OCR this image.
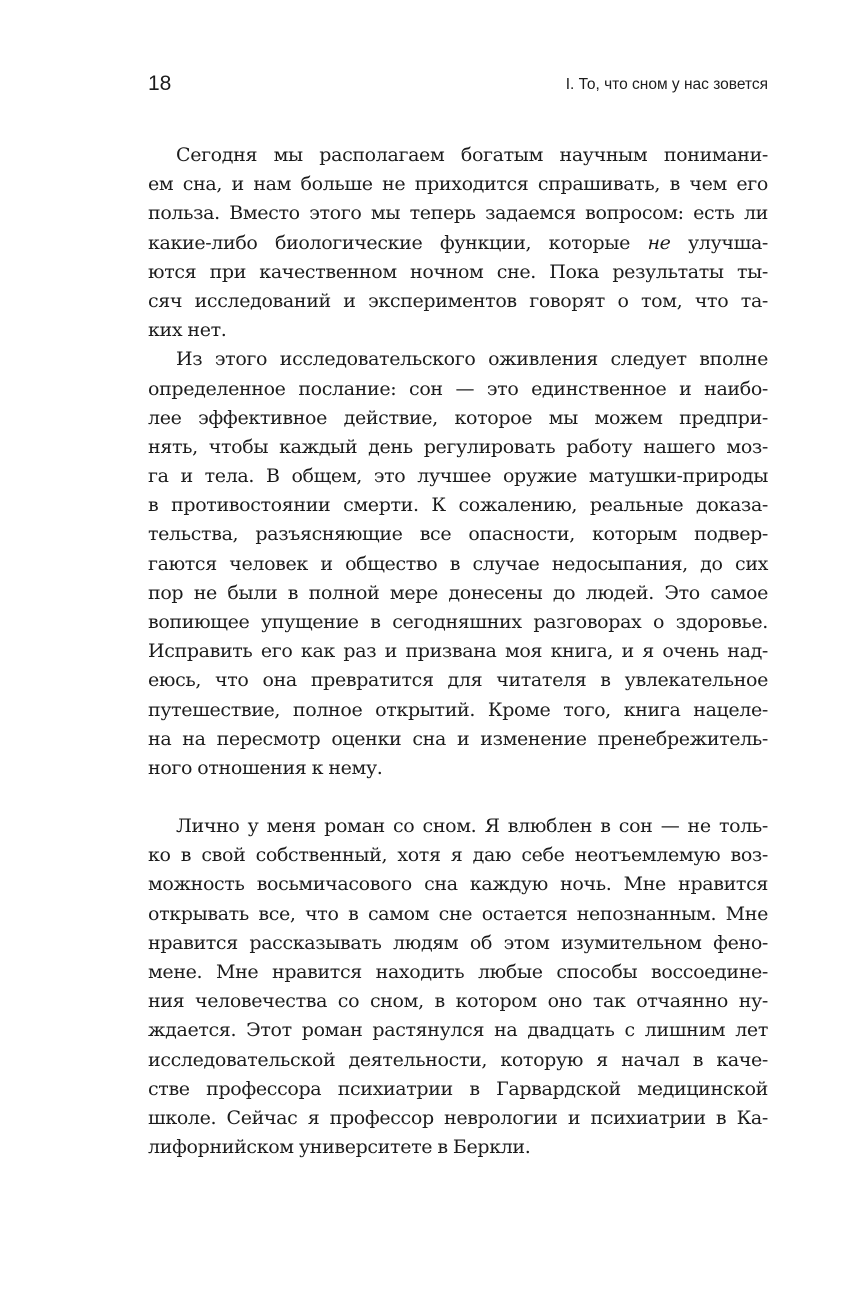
18	I. То, что сном у нас зовется

Сегодня мы располагаем богатым научным понимани-
ем сна, и нам больше не приходится спрашивать, в чем его
польза. Вместо этого мы теперь задаемся вопросом: есть ли
какие-либо биологические функции, которые не улучша-
ются при качественном ночном сне. Пока результаты ты-
сяч исследований и экспериментов говорят о том, что та-
ких нет.

Из этого исследовательского оживления следует вполне
определенное послание: сон — это единственное и наибо-
лее эффективное действие, которое мы можем предпри-
нять, чтобы каждый день регулировать работу нашего моз-
га и тела. В общем, это лучшее оружие матушки-природы
в противостоянии смерти. К сожалению, реальные доказа-
тельства, разъясняющие все опасности, которым подвер-
гаются человек и общество в случае недосыпания, до сих
пор не были в полной мере донесены до людей. Это самое
вопиющее упущение в сегодняшних разговорах о здоровье.
Исправить его как раз и призвана моя книга, и я очень над-
еюсь, что она превратится для читателя в увлекательное
путешествие, полное открытий. Кроме того, книга нацеле-
на на пересмотр оценки сна и изменение пренебрежитель-
ного отношения к нему.

Лично у меня роман со сном. Я влюблен в сон — не толь-
ко в свой собственный, хотя я даю себе неотъемлемую воз-
можность восьмичасового сна каждую ночь. Мне нравится
открывать все, что в самом сне остается непознанным. Мне
нравится рассказывать людям об этом изумительном фено-
мене. Мне нравится находить любые способы воссоедине-
ния человечества со сном, в котором оно так отчаянно ну-
ждается. Этот роман растянулся на двадцать с лишним лет
исследовательской деятельности, которую я начал в каче-
стве профессора психиатрии в Гарвардской медицинской
школе. Сейчас я профессор неврологии и психиатрии в Ка-
лифорнийском университете в Беркли.
